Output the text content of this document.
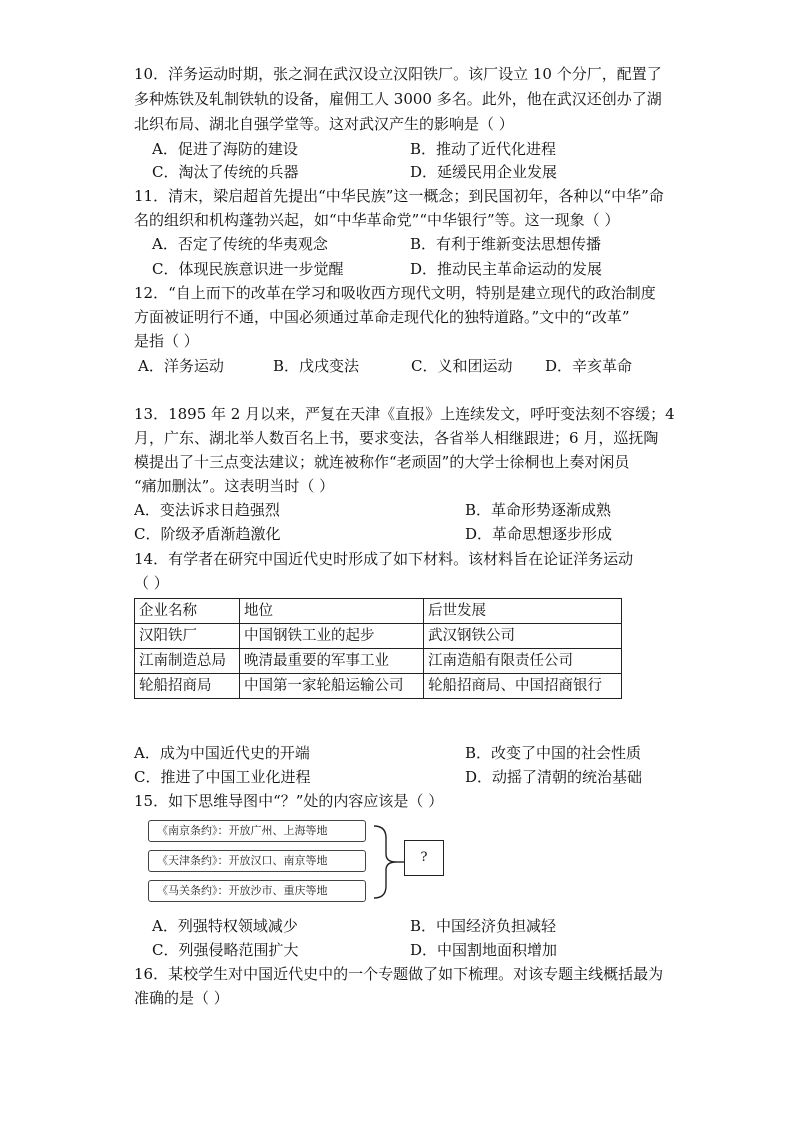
10．洋务运动时期，张之洞在武汉设立汉阳铁厂。该厂设立 10 个分厂，配置了
多种炼铁及轧制铁轨的设备，雇佣工人 3000 多名。此外，他在武汉还创办了湖
北织布局、湖北自强学堂等。这对武汉产生的影响是（ ）
A．促进了海防的建设	B．推动了近代化进程
C．淘汰了传统的兵器	D．延缓民用企业发展
11．清末，梁启超首先提出“中华民族”这一概念；到民国初年，各种以“中华”命
名的组织和机构蓬勃兴起，如“中华革命党”“中华银行”等。这一现象（ ）
A．否定了传统的华夷观念	B．有利于维新变法思想传播
C．体现民族意识进一步觉醒	D．推动民主革命运动的发展
12．“自上而下的改革在学习和吸收西方现代文明，特别是建立现代的政治制度
方面被证明行不通，中国必须通过革命走现代化的独特道路。”文中的“改革”
是指（ ）
A．洋务运动	B．戊戌变法	C．义和团运动 D．辛亥革命
13．1895 年 2 月以来，严复在天津《直报》上连续发文，呼吁变法刻不容缓；4
月，广东、湖北举人数百名上书，要求变法，各省举人相继跟进；6 月，巡抚陶
模提出了十三点变法建议；就连被称作“老顽固”的大学士徐桐也上奏对闲员
“痛加删汰”。这表明当时（ ）
A．变法诉求日趋强烈	B．革命形势逐渐成熟
C．阶级矛盾渐趋激化	D．革命思想逐步形成
14．有学者在研究中国近代史时形成了如下材料。该材料旨在论证洋务运动
（ ）
企业名称	地位	后世发展
汉阳铁厂	中国钢铁工业的起步	武汉钢铁公司
江南制造总局	晚清最重要的军事工业	江南造船有限责任公司
轮船招商局	中国第一家轮船运输公司	轮船招商局、中国招商银行
A．成为中国近代史的开端	B．改变了中国的社会性质
C．推进了中国工业化进程	D．动摇了清朝的统治基础
15．如下思维导图中“？”处的内容应该是（ ）
《南京条约》：开放广州、上海等地
《天津条约》：开放汉口、南京等地
《马关条约》：开放沙市、重庆等地
?
A．列强特权领域减少	B．中国经济负担减轻
C．列强侵略范围扩大	D．中国割地面积增加
16．某校学生对中国近代史中的一个专题做了如下梳理。对该专题主线概括最为
准确的是（ ）
